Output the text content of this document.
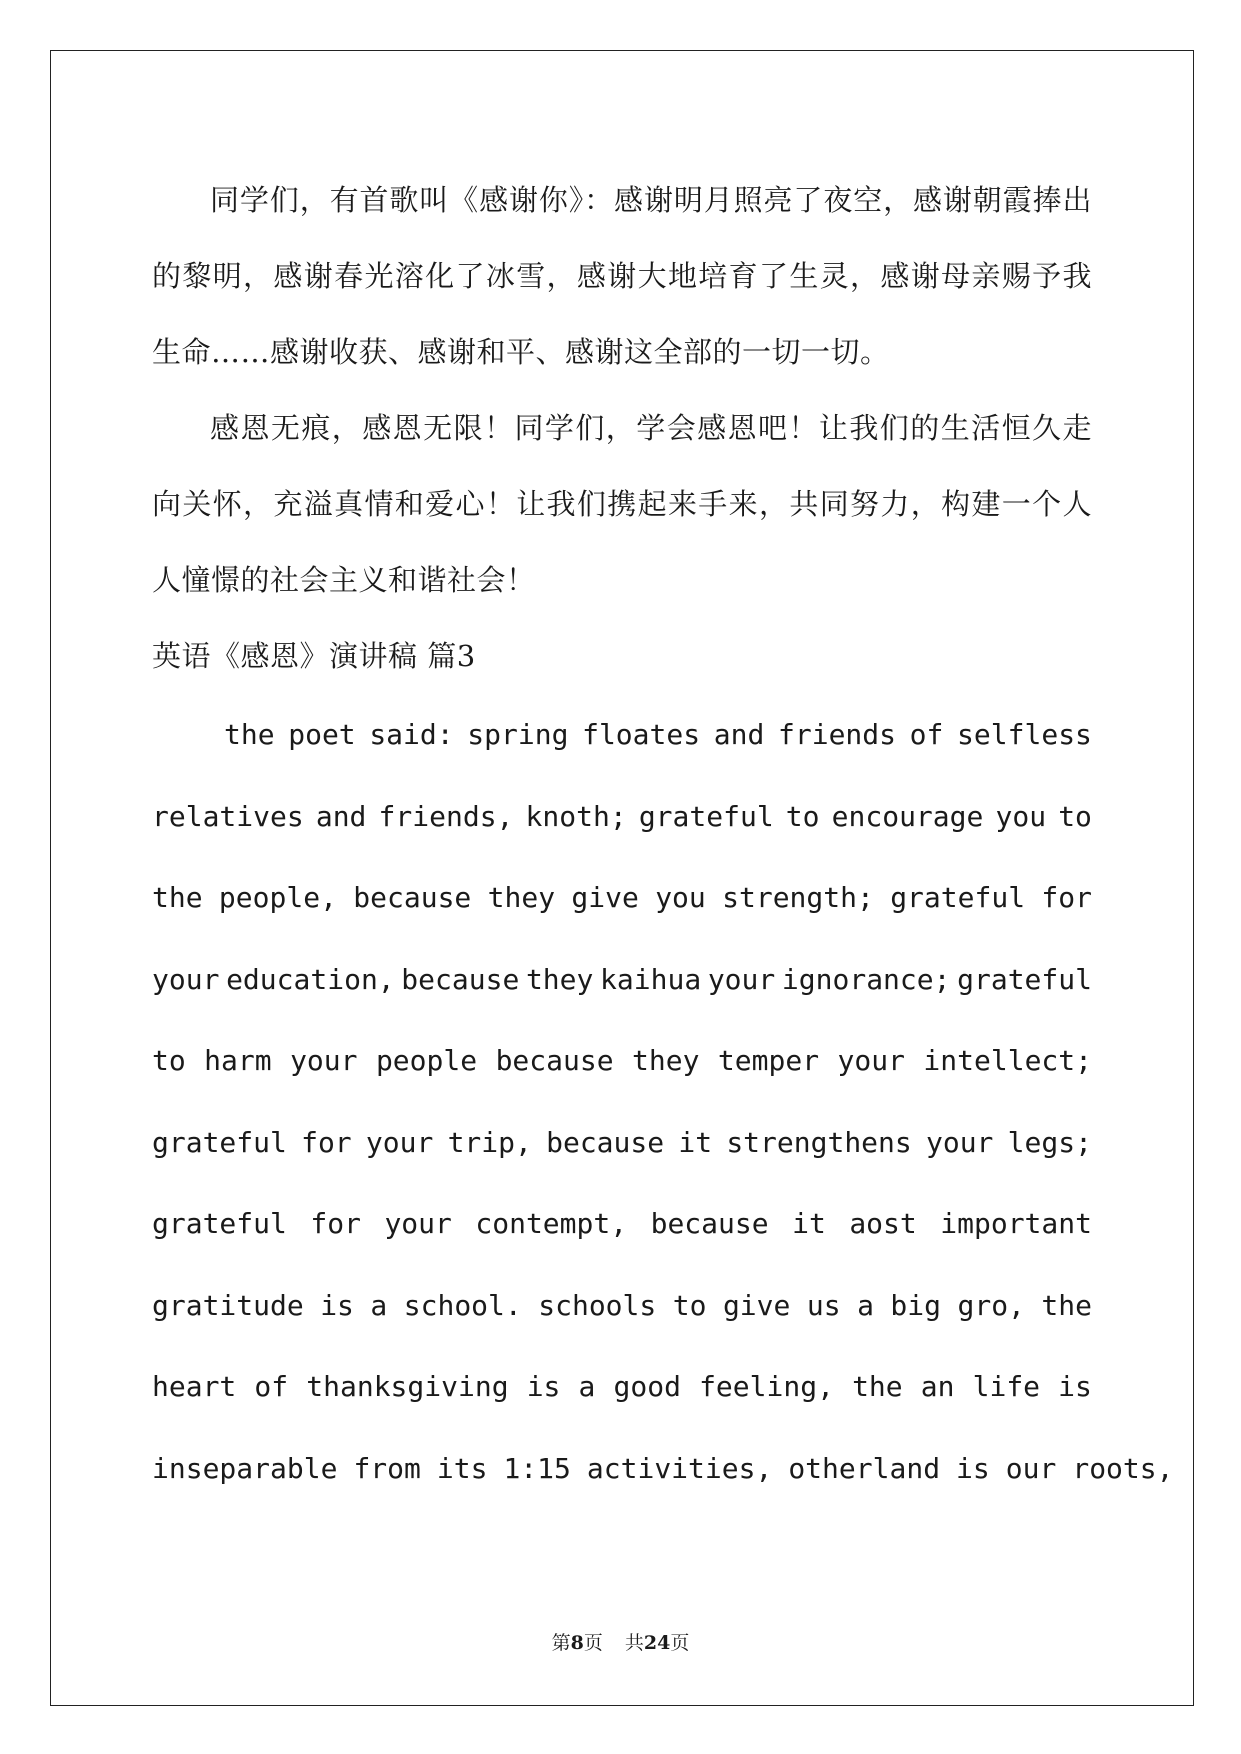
同学们，有首歌叫《感谢你》：感谢明月照亮了夜空，感谢朝霞捧出的黎明，感谢春光溶化了冰雪，感谢大地培育了生灵，感谢母亲赐予我生命……感谢收获、感谢和平、感谢这全部的一切一切。

感恩无痕，感恩无限！同学们，学会感恩吧！让我们的生活恒久走向关怀，充溢真情和爱心！让我们携起来手来，共同努力，构建一个人人憧憬的社会主义和谐社会！

英语《感恩》演讲稿 篇3

the poet said: spring floates and friends of selfless
relatives and friends, knoth; grateful to encourage you to
the people, because they give you strength; grateful for
your education, because they kaihua your ignorance; grateful
to harm your people because they temper your intellect;
grateful for your trip, because it strengthens your legs;
grateful for your contempt, because it aost important
gratitude is a school. schools to give us a big gro, the
heart of thanksgiving is a good feeling, the an life is
inseparable from its 1:15 activities, otherland is our roots,
第8页 共24页
